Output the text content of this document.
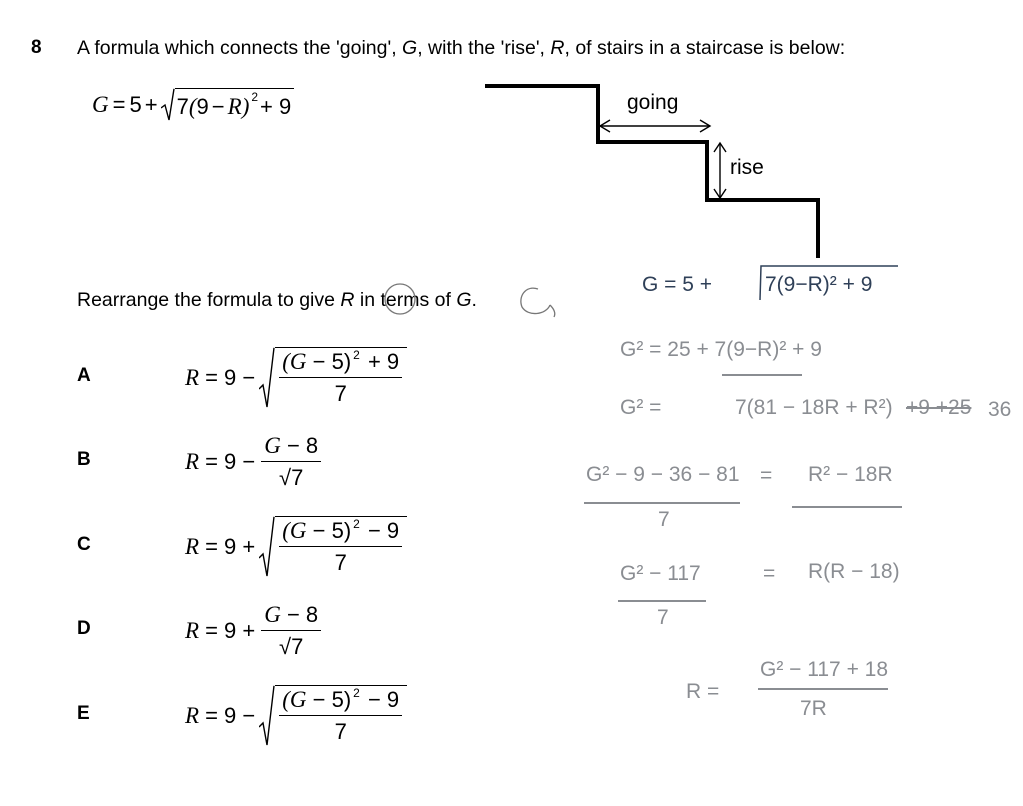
8 A formula which connects the 'going', G, with the 'rise', R, of stairs in a staircase is below:
G = 5 + 7 ( 9 − R ) 2 + 9	going
rise
Rearrange the formula to give R in terms of G.
A	$R = 9 - \frac{(G - 5) ^2 + 9}{7}$
B	$R = 9 - \frac{G - 8}{√7}$
C	$R = 9 + \frac{(G - 5) ^2 - 9}{7}$
D	$R = 9 + \frac{G - 8}{√7}$
E	$R = 9 - \frac{(G - 5) ^2 - 9}{7}$
G = 5 +	7(9−R)² + 9
G² = 25 + 7(9−R)² + 9
G² =	7(81 − 18R + R²) +9 +25 36
G² − 9 − 36 − 81
7
= R² − 18R
G² − 117
7
= R(R − 18)
R =
G² − 117 + 18
7R
